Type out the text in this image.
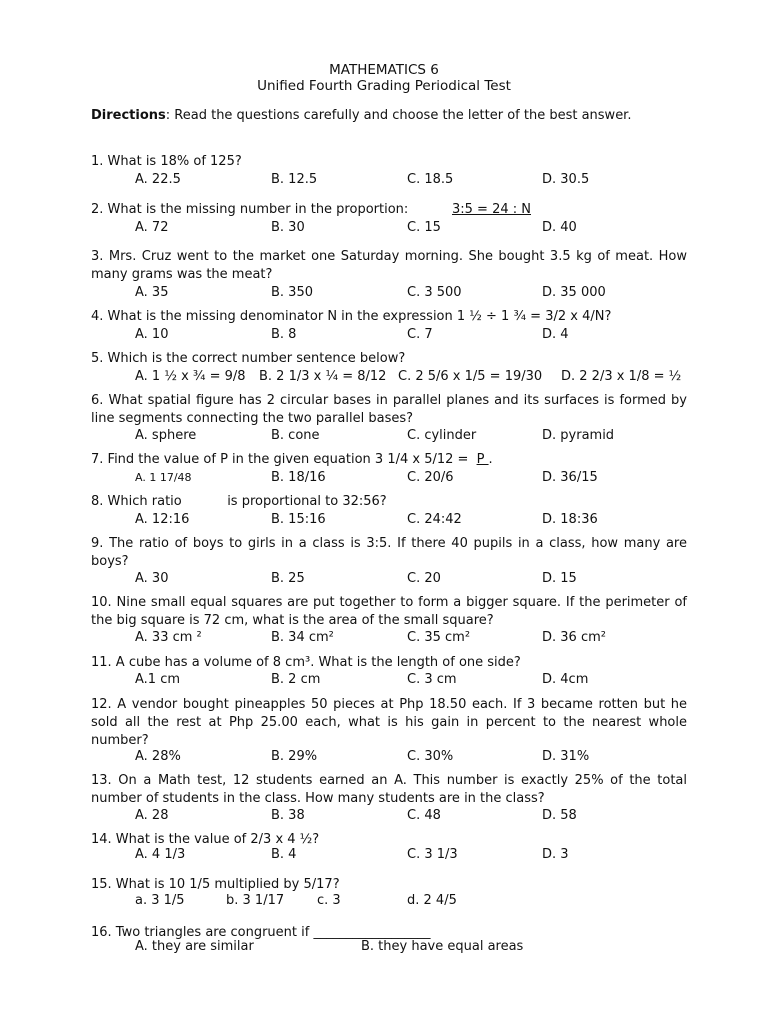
MATHEMATICS 6
Unified Fourth Grading Periodical Test
Directions: Read the questions carefully and choose the letter of the best answer.
1. What is 18% of 125?
A. 22.5	B. 12.5	C. 18.5	D. 30.5
2. What is the missing number in the proportion:	3:5 = 24 : N
A. 72	B. 30	C. 15	D. 40
3. Mrs. Cruz went to the market one Saturday morning. She bought 3.5 kg of meat. How many grams was the meat?
A. 35	B. 350	C. 3 500	D. 35 000
4. What is the missing denominator N in the expression 1 ½ ÷ 1 ¾ = 3/2 x 4/N?
A. 10	B. 8	C. 7	D. 4
5. Which is the correct number sentence below?
A. 1 ½ x ¾ = 9/8 B. 2 1/3 x ¼ = 8/12 C. 2 5/6 x 1/5 = 19/30 D. 2 2/3 x 1/8 = ½
6. What spatial figure has 2 circular bases in parallel planes and its surfaces is formed by line segments connecting the two parallel bases?
A. sphere	B. cone	C. cylinder	D. pyramid
7. Find the value of P in the given equation 3 1/4 x 5/12 = P .
A. 1 17/48	B. 18/16	C. 20/6	D. 36/15
8. Which ratio           is proportional to 32:56?
A. 12:16	B. 15:16	C. 24:42	D. 18:36
9. The ratio of boys to girls in a class is 3:5. If there 40 pupils in a class, how many are boys?
A. 30	B. 25	C. 20	D. 15
10. Nine small equal squares are put together to form a bigger square. If the perimeter of the big square is 72 cm, what is the area of the small square?
A. 33 cm ²	B. 34 cm²	C. 35 cm²	D. 36 cm²
11. A cube has a volume of 8 cm³. What is the length of one side?
A.1 cm	B. 2 cm	C. 3 cm	D. 4cm
12. A vendor bought pineapples 50 pieces at Php 18.50 each. If 3 became rotten but he sold all the rest at Php 25.00 each, what is his gain in percent to the nearest whole number?
A. 28%	B. 29%	C. 30%	D. 31%
13. On a Math test, 12 students earned an A. This number is exactly 25% of the total number of students in the class. How many students are in the class?
A. 28	B. 38	C. 48	D. 58
14. What is the value of 2/3 x 4 ½?
A. 4 1/3	B. 4	C. 3 1/3	D. 3
15. What is 10 1/5 multiplied by 5/17?
a. 3 1/5	b. 3 1/17	c. 3	d. 2 4/5
16. Two triangles are congruent if __________________
A. they are similar	B. they have equal areas
